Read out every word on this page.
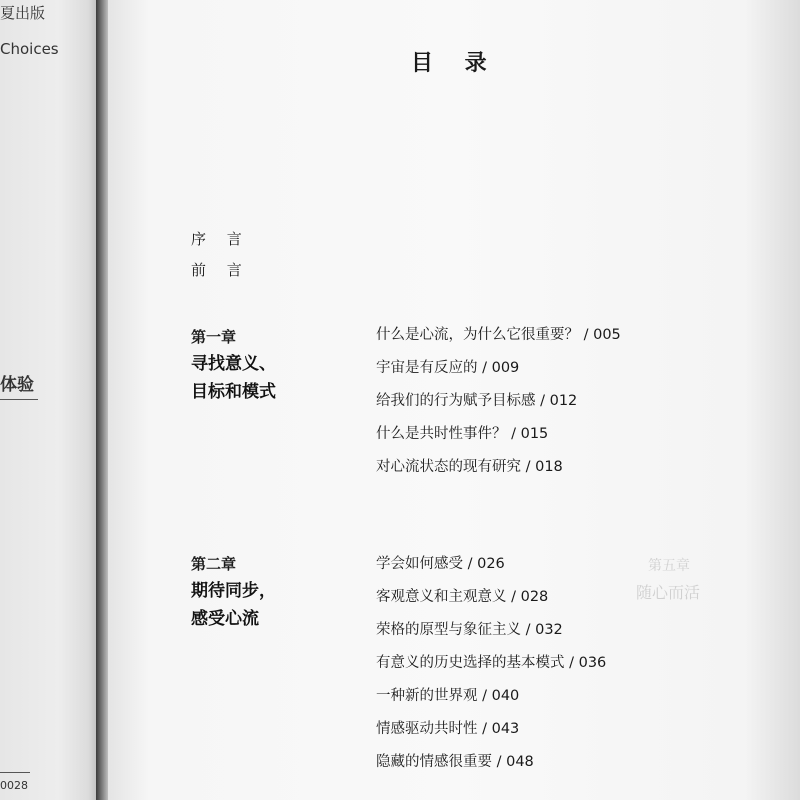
夏出版
Choices
体验
0028
第五章
随心而活
目 录
序 言
前 言
第一章
寻找意义、
目标和模式
什么是心流，为什么它很重要？ / 005
宇宙是有反应的 / 009
给我们的行为赋予目标感 / 012
什么是共时性事件？ / 015
对心流状态的现有研究 / 018
第二章
期待同步，
感受心流
学会如何感受 / 026
客观意义和主观意义 / 028
荣格的原型与象征主义 / 032
有意义的历史选择的基本模式 / 036
一种新的世界观 / 040
情感驱动共时性 / 043
隐藏的情感很重要 / 048
